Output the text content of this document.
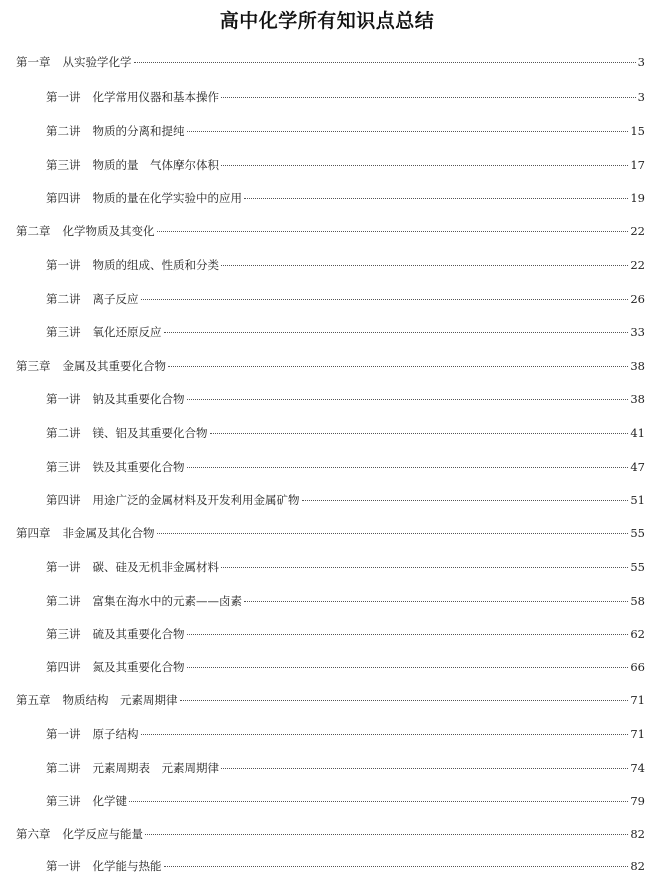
高中化学所有知识点总结
第一章 从实验学化学	3
第一讲 化学常用仪器和基本操作	3
第二讲 物质的分离和提纯	15
第三讲 物质的量　气体摩尔体积	17
第四讲 物质的量在化学实验中的应用	19
第二章 化学物质及其变化	22
第一讲 物质的组成、性质和分类	22
第二讲 离子反应	26
第三讲 氧化还原反应	33
第三章 金属及其重要化合物	38
第一讲 钠及其重要化合物	38
第二讲 镁、铝及其重要化合物	41
第三讲 铁及其重要化合物	47
第四讲 用途广泛的金属材料及开发利用金属矿物	51
第四章 非金属及其化合物	55
第一讲 碳、硅及无机非金属材料	55
第二讲 富集在海水中的元素——卤素	58
第三讲 硫及其重要化合物	62
第四讲 氮及其重要化合物	66
第五章 物质结构　元素周期律	71
第一讲 原子结构	71
第二讲 元素周期表　元素周期律	74
第三讲 化学键	79
第六章 化学反应与能量	82
第一讲 化学能与热能	82
